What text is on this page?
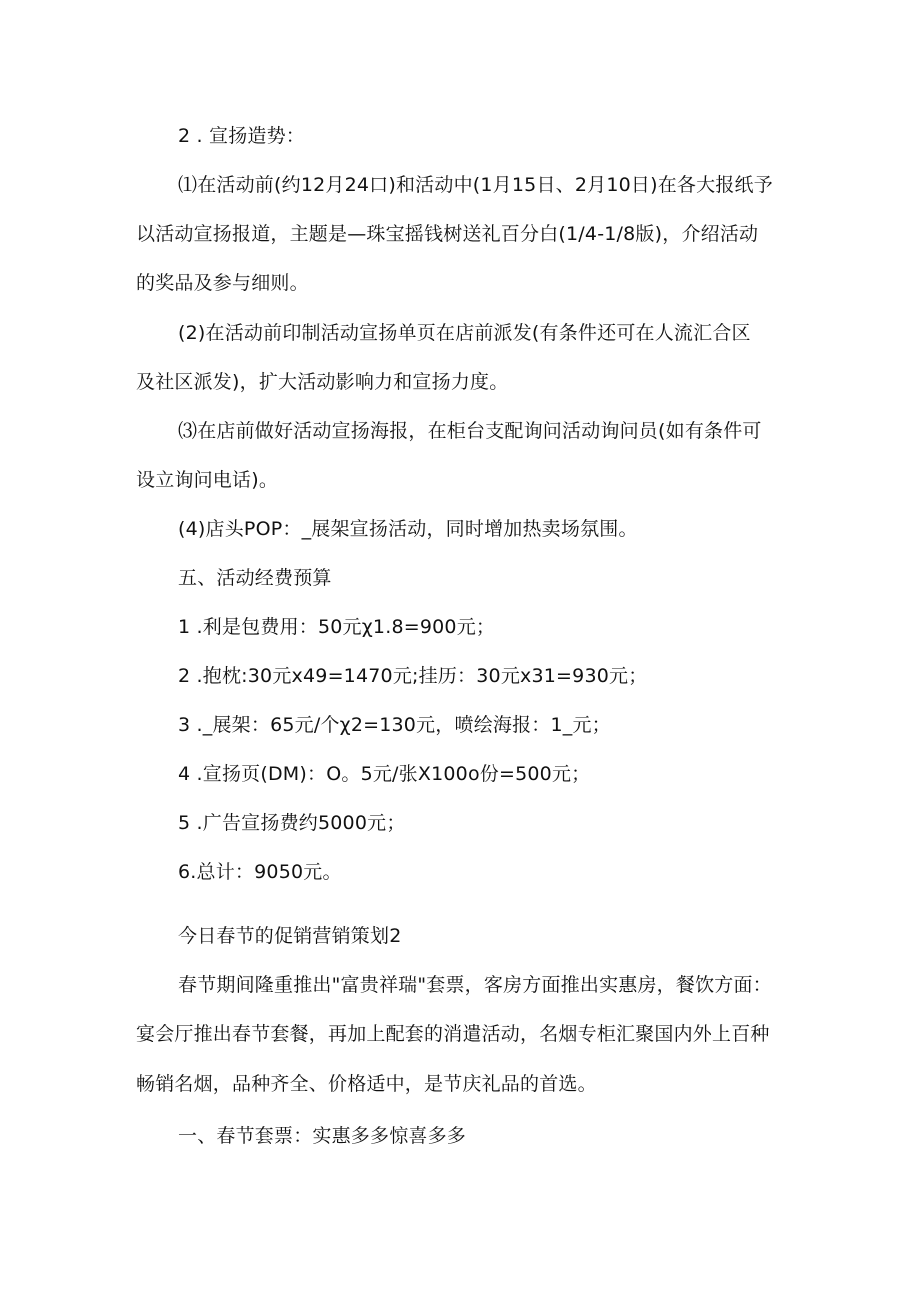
2 . 宣扬造势：
⑴在活动前(约12月24口)和活动中(1月15日、2月10日)在各大报纸予
以活动宣扬报道，主题是—珠宝摇钱树送礼百分白(1/4-1/8版)，介绍活动
的奖品及参与细则。
(2)在活动前印制活动宣扬单页在店前派发(有条件还可在人流汇合区
及社区派发)，扩大活动影响力和宣扬力度。
⑶在店前做好活动宣扬海报，在柜台支配询问活动询问员(如有条件可
设立询问电话)。
(4)店头POP：_展架宣扬活动，同时增加热卖场氛围。
五、活动经费预算
1 .利是包费用：50元χ1.8=900元；
2 .抱枕:30元x49=1470元;挂历：30元x31=930元；
3 ._展架：65元/个χ2=130元，喷绘海报：1_元；
4 .宣扬页(DM)：O。5元/张X100o份=500元；
5 .广告宣扬费约5000元；
6.总计：9050元。
今日春节的促销营销策划2
春节期间隆重推出"富贵祥瑞"套票，客房方面推出实惠房，餐饮方面：
宴会厅推出春节套餐，再加上配套的消遣活动，名烟专柜汇聚国内外上百种
畅销名烟，品种齐全、价格适中，是节庆礼品的首选。
一、春节套票：实惠多多惊喜多多
